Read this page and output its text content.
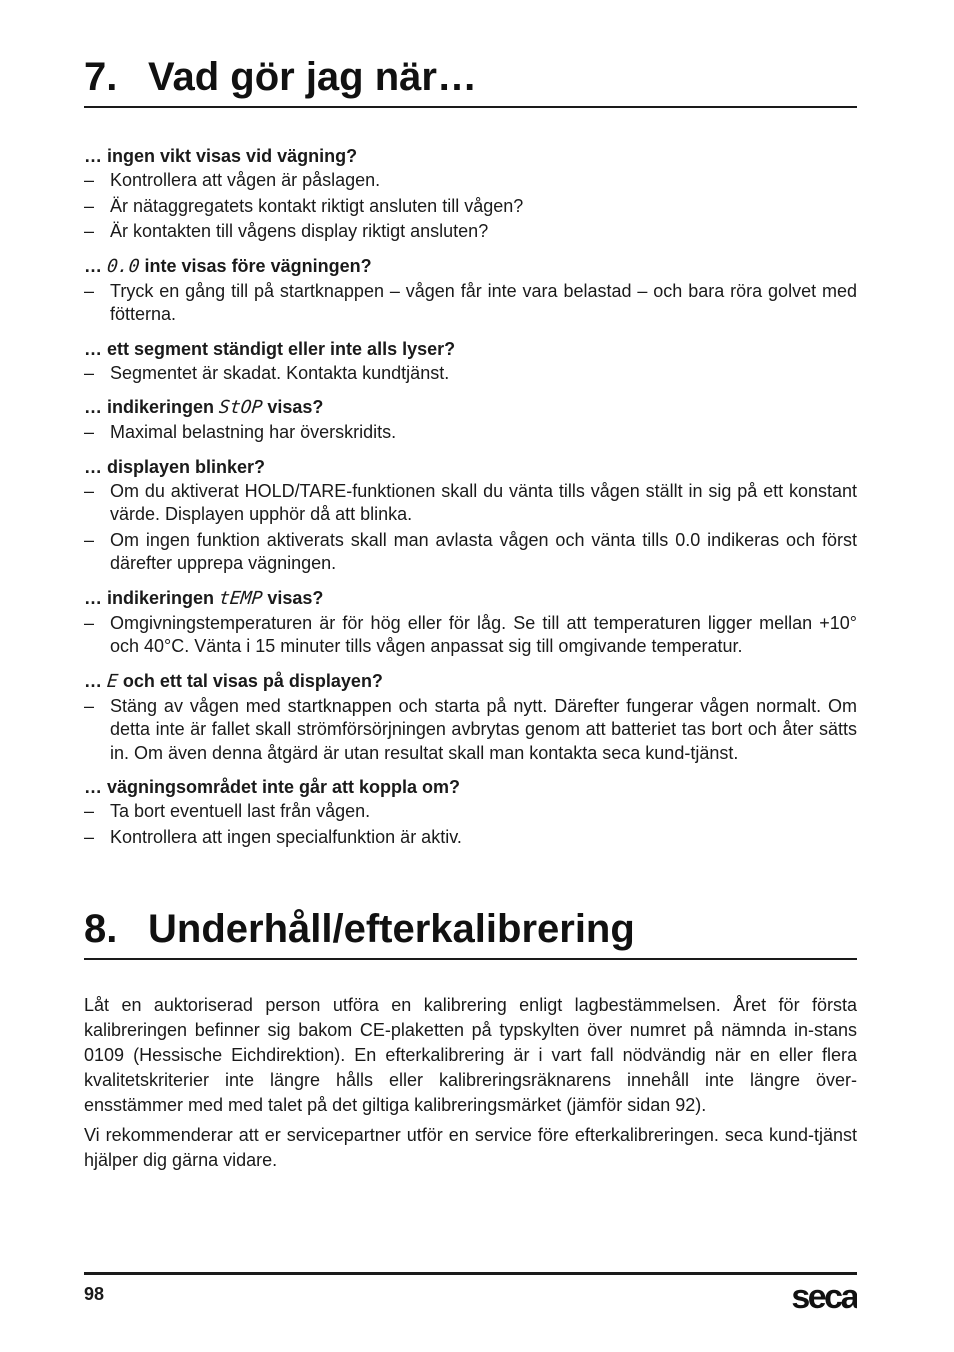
7. Vad gör jag när…
… ingen vikt visas vid vägning?
– Kontrollera att vågen är påslagen.
– Är nätaggregatets kontakt riktigt ansluten till vågen?
– Är kontakten till vågens display riktigt ansluten?
… 0.0 inte visas före vägningen?
– Tryck en gång till på startknappen – vågen får inte vara belastad – och bara röra golvet med fötterna.
… ett segment ständigt eller inte alls lyser?
– Segmentet är skadat. Kontakta kundtjänst.
… indikeringen StOP visas?
– Maximal belastning har överskridits.
… displayen blinker?
– Om du aktiverat HOLD/TARE-funktionen skall du vänta tills vågen ställt in sig på ett konstant värde. Displayen upphör då att blinka.
– Om ingen funktion aktiverats skall man avlasta vågen och vänta tills 0.0 indikeras och först därefter upprepa vägningen.
… indikeringen tEMP visas?
– Omgivningstemperaturen är för hög eller för låg. Se till att temperaturen ligger mellan +10° och 40°C. Vänta i 15 minuter tills vågen anpassat sig till omgivande temperatur.
… E och ett tal visas på displayen?
– Stäng av vågen med startknappen och starta på nytt. Därefter fungerar vågen normalt. Om detta inte är fallet skall strömförsörjningen avbrytas genom att batteriet tas bort och åter sätts in. Om även denna åtgärd är utan resultat skall man kontakta seca kund-tjänst.
… vägningsområdet inte går att koppla om?
– Ta bort eventuell last från vågen.
– Kontrollera att ingen specialfunktion är aktiv.
8. Underhåll/efterkalibrering

Låt en auktoriserad person utföra en kalibrering enligt lagbestämmelsen. Året för första kalibreringen befinner sig bakom CE-plaketten på typskylten över numret på nämnda in-stans 0109 (Hessische Eichdirektion). En efterkalibrering är i vart fall nödvändig när en eller flera kvalitetskriterier inte längre hålls eller kalibreringsräknarens innehåll inte längre över-ensstämmer med med talet på det giltiga kalibreringsmärket (jämför sidan 92).

Vi rekommenderar att er servicepartner utför en service före efterkalibreringen. seca kund-tjänst hjälper dig gärna vidare.

98	seca
